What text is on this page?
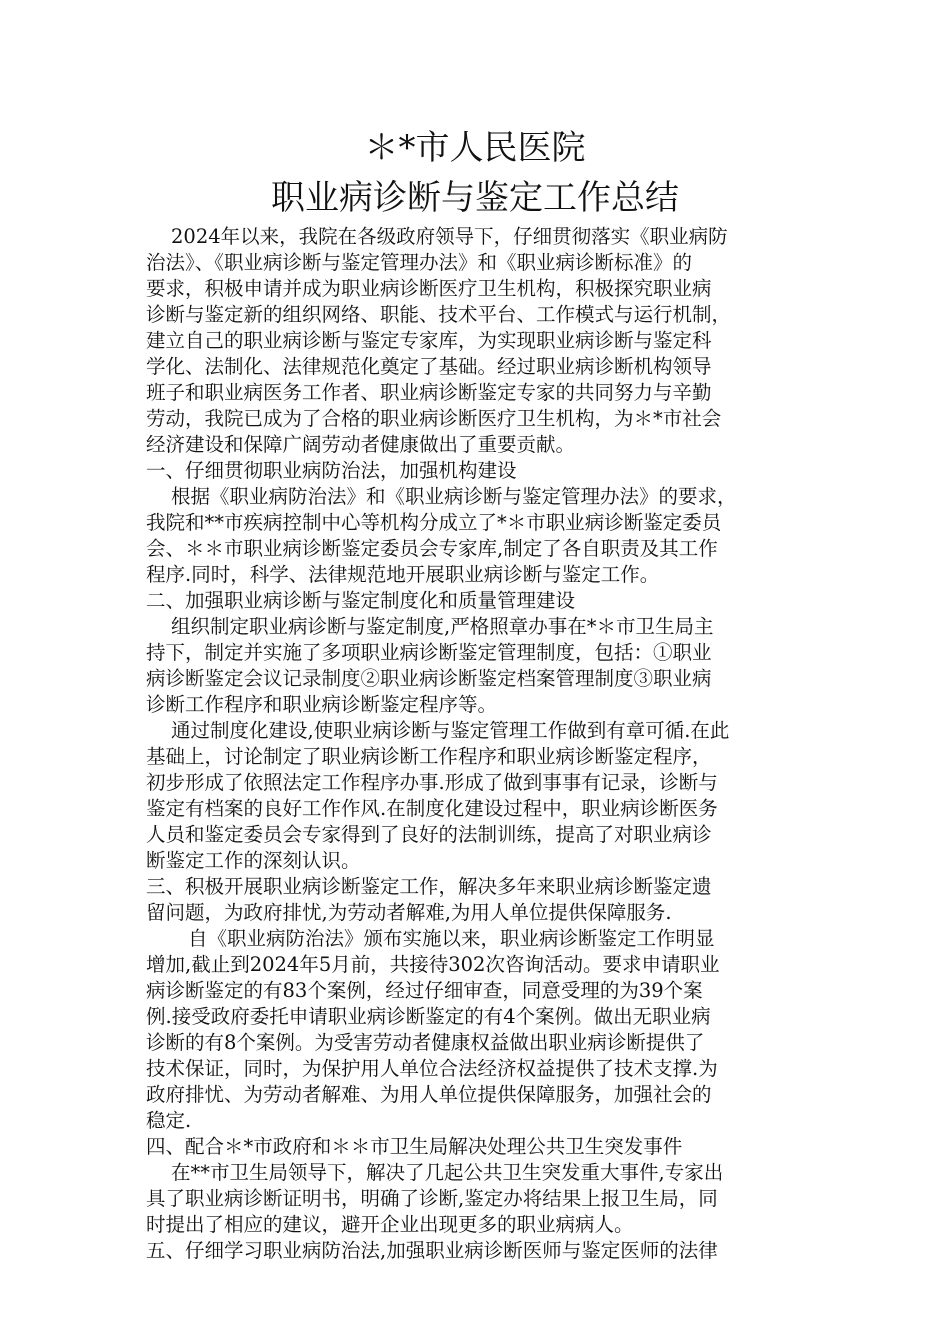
＊*市人民医院
职业病诊断与鉴定工作总结
2024年以来，我院在各级政府领导下，仔细贯彻落实《职业病防
治法》、《职业病诊断与鉴定管理办法》和《职业病诊断标准》的
要求，积极申请并成为职业病诊断医疗卫生机构，积极探究职业病
诊断与鉴定新的组织网络、职能、技术平台、工作模式与运行机制，
建立自己的职业病诊断与鉴定专家库，为实现职业病诊断与鉴定科
学化、法制化、法律规范化奠定了基础。经过职业病诊断机构领导
班子和职业病医务工作者、职业病诊断鉴定专家的共同努力与辛勤
劳动，我院已成为了合格的职业病诊断医疗卫生机构，为＊*市社会
经济建设和保障广阔劳动者健康做出了重要贡献。
一、仔细贯彻职业病防治法，加强机构建设
根据《职业病防治法》和《职业病诊断与鉴定管理办法》的要求，
我院和**市疾病控制中心等机构分成立了*＊市职业病诊断鉴定委员
会、＊＊市职业病诊断鉴定委员会专家库,制定了各自职责及其工作
程序.同时，科学、法律规范地开展职业病诊断与鉴定工作。
二、加强职业病诊断与鉴定制度化和质量管理建设
组织制定职业病诊断与鉴定制度,严格照章办事在*＊市卫生局主
持下，制定并实施了多项职业病诊断鉴定管理制度，包括：①职业
病诊断鉴定会议记录制度②职业病诊断鉴定档案管理制度③职业病
诊断工作程序和职业病诊断鉴定程序等。
通过制度化建设,使职业病诊断与鉴定管理工作做到有章可循.在此
基础上，讨论制定了职业病诊断工作程序和职业病诊断鉴定程序，
初步形成了依照法定工作程序办事.形成了做到事事有记录，诊断与
鉴定有档案的良好工作作风.在制度化建设过程中，职业病诊断医务
人员和鉴定委员会专家得到了良好的法制训练，提高了对职业病诊
断鉴定工作的深刻认识。
三、积极开展职业病诊断鉴定工作，解决多年来职业病诊断鉴定遗
留问题，为政府排忧,为劳动者解难,为用人单位提供保障服务.
自《职业病防治法》颁布实施以来，职业病诊断鉴定工作明显
增加,截止到2024年5月前，共接待302次咨询活动。要求申请职业
病诊断鉴定的有83个案例，经过仔细审查，同意受理的为39个案
例.接受政府委托申请职业病诊断鉴定的有4个案例。做出无职业病
诊断的有8个案例。为受害劳动者健康权益做出职业病诊断提供了
技术保证，同时，为保护用人单位合法经济权益提供了技术支撑.为
政府排忧、为劳动者解难、为用人单位提供保障服务，加强社会的
稳定.
四、配合＊*市政府和＊＊市卫生局解决处理公共卫生突发事件
在**市卫生局领导下，解决了几起公共卫生突发重大事件,专家出
具了职业病诊断证明书，明确了诊断,鉴定办将结果上报卫生局，同
时提出了相应的建议，避开企业出现更多的职业病病人。
五、仔细学习职业病防治法,加强职业病诊断医师与鉴定医师的法律
